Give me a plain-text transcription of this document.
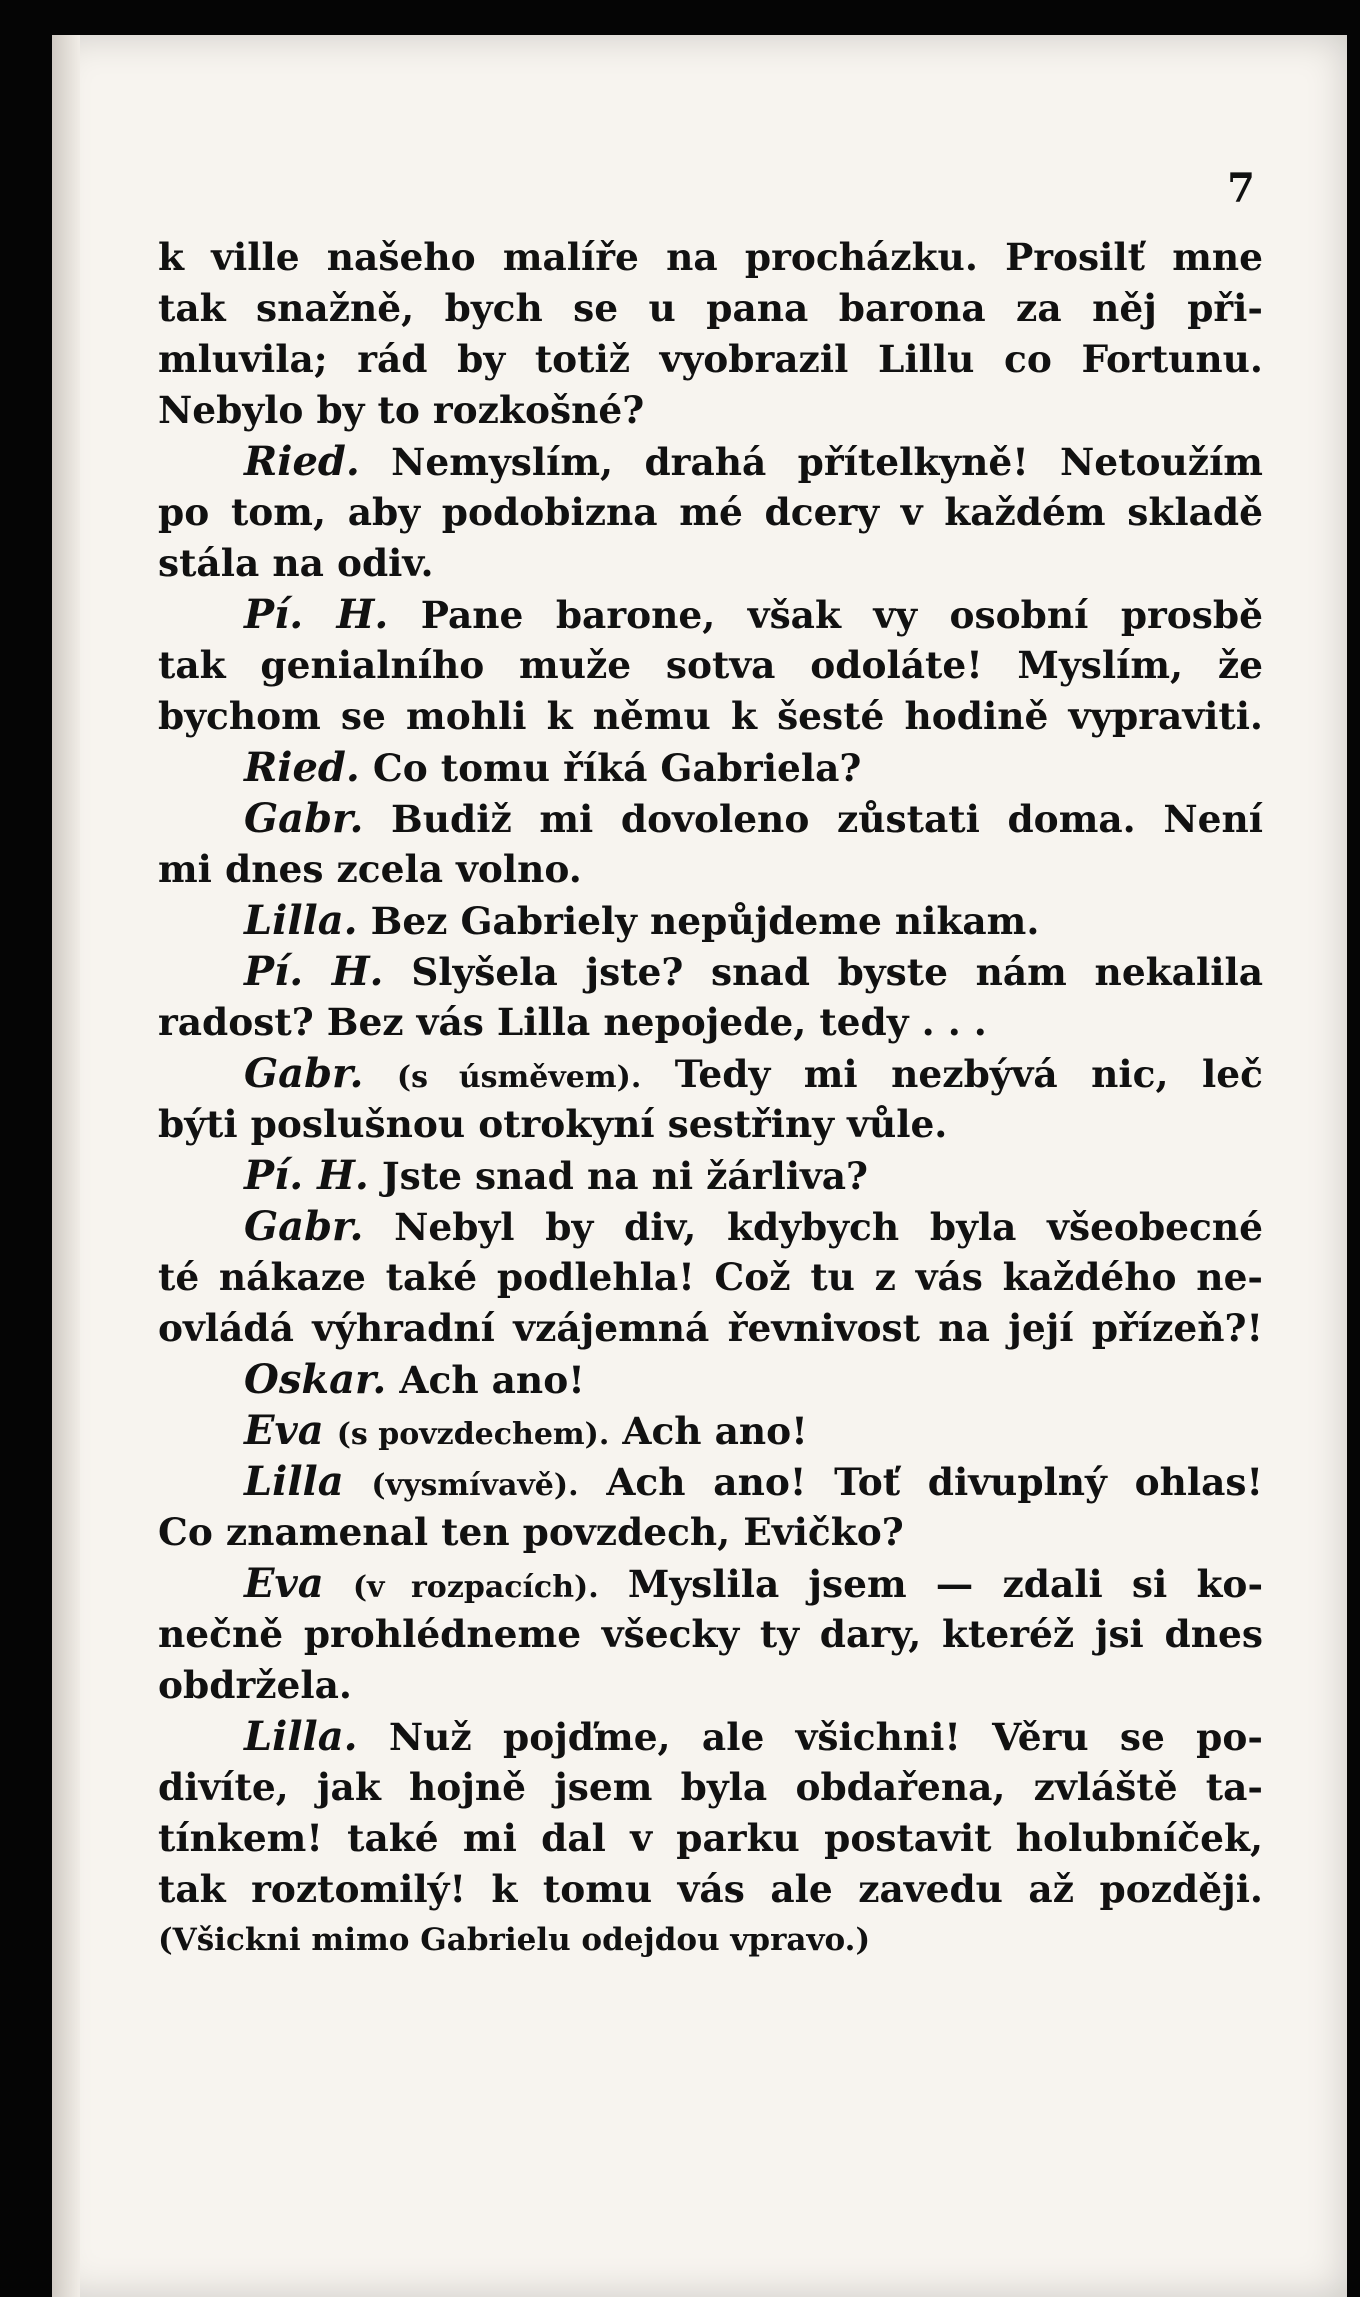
7
k ville našeho malíře na procházku. Prosilť mne
tak snažně, bych se u pana barona za něj při-
mluvila; rád by totiž vyobrazil Lillu co Fortunu.
Nebylo by to rozkošné?
Ried. Nemyslím, drahá přítelkyně! Netoužím
po tom, aby podobizna mé dcery v každém skladě
stála na odiv.
Pí. H. Pane barone, však vy osobní prosbě
tak genialního muže sotva odoláte! Myslím, že
bychom se mohli k němu k šesté hodině vypraviti.
Ried. Co tomu říká Gabriela?
Gabr. Budiž mi dovoleno zůstati doma. Není
mi dnes zcela volno.
Lilla. Bez Gabriely nepůjdeme nikam.
Pí. H. Slyšela jste? snad byste nám nekalila
radost? Bez vás Lilla nepojede, tedy . . .
Gabr. (s úsměvem). Tedy mi nezbývá nic, leč
býti poslušnou otrokyní sestřiny vůle.
Pí. H. Jste snad na ni žárliva?
Gabr. Nebyl by div, kdybych byla všeobecné
té nákaze také podlehla! Což tu z vás každého ne-
ovládá výhradní vzájemná řevnivost na její přízeň?!
Oskar. Ach ano!
Eva (s povzdechem). Ach ano!
Lilla (vysmívavě). Ach ano! Toť divuplný ohlas!
Co znamenal ten povzdech, Evičko?
Eva (v rozpacích). Myslila jsem — zdali si ko-
nečně prohlédneme všecky ty dary, kteréž jsi dnes
obdržela.
Lilla. Nuž pojďme, ale všichni! Věru se po-
divíte, jak hojně jsem byla obdařena, zvláště ta-
tínkem! také mi dal v parku postavit holubníček,
tak roztomilý! k tomu vás ale zavedu až později.
(Všickni mimo Gabrielu odejdou vpravo.)
